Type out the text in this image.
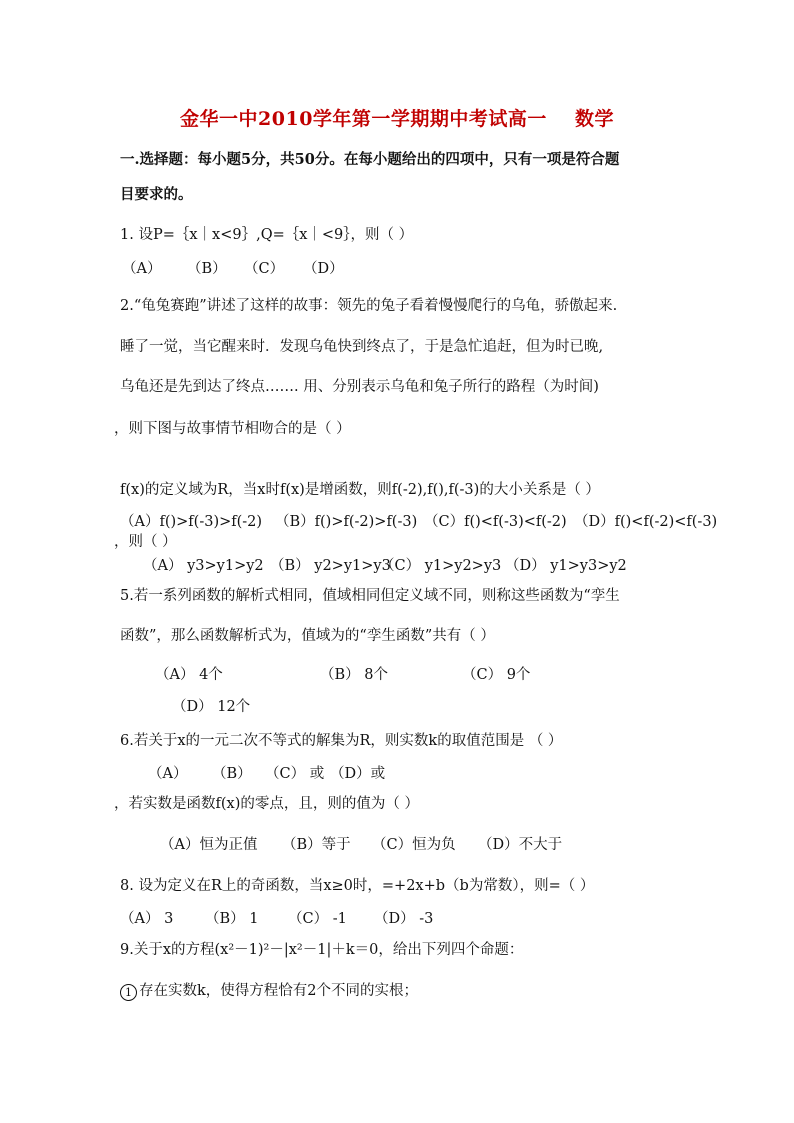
金华一中2010学年第一学期期中考试高一 数学
一.选择题：每小题5分，共50分。在每小题给出的四项中，只有一项是符合题
目要求的。
1. 设P=｛x｜x<9｝,Q=｛x｜<9｝，则（ ）
（A） （B） （C） （D）
2.“龟兔赛跑”讲述了这样的故事：领先的兔子看着慢慢爬行的乌龟，骄傲起来.
睡了一觉，当它醒来时．发现乌龟快到终点了，于是急忙追赶，但为时已晚,
乌龟还是先到达了终点……. 用、分别表示乌龟和兔子所行的路程（为时间)
，则下图与故事情节相吻合的是（ ）
f(x)的定义域为R，当x时f(x)是增函数，则f(-2),f(),f(-3)的大小关系是（ ）
（A）f()>f(-3)>f(-2) （B）f()>f(-2)>f(-3) （C）f()<f(-3)<f(-2) （D）f()<f(-2)<f(-3)
，则（ ）
（A） y3>y1>y2 （B） y2>y1>y3
（C） y1>y2>y3 （D） y1>y3>y2
5.若一系列函数的解析式相同，值域相同但定义域不同，则称这些函数为“孪生
函数”，那么函数解析式为，值域为的“孪生函数”共有（ ）
（A） 4个	（B） 8个	（C） 9个
（D） 12个
6.若关于x的一元二次不等式的解集为R，则实数k的取值范围是 （ ）
（A） （B） （C） 或 （D）或
，若实数是函数f(x)的零点，且，则的值为（ ）
（A）恒为正值 （B）等于 （C）恒为负 （D）不大于
8. 设为定义在R上的奇函数，当x≥0时，=+2x+b（b为常数），则=（ ）
（A） 3 （B） 1 （C） -1 （D） -3
9.关于x的方程(x²－1)²－|x²－1|＋k＝0，给出下列四个命题：
1 存在实数k，使得方程恰有2个不同的实根；
